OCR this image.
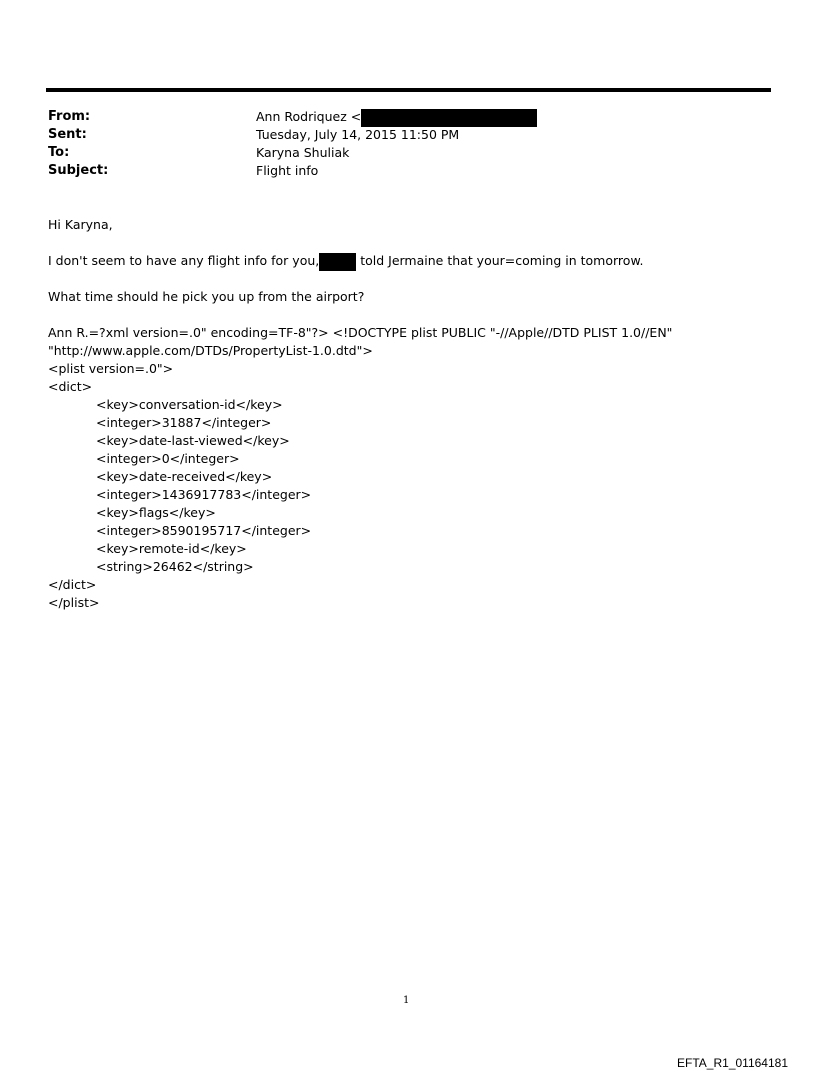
From:	Ann Rodriquez <
Sent:	Tuesday, July 14, 2015 11:50 PM
To:	Karyna Shuliak
Subject:	Flight info
Hi Karyna,
I don't seem to have any flight info for you,	told Jermaine that your=coming in tomorrow.
What time should he pick you up from the airport?
Ann R.=?xml version=.0" encoding=TF-8"?> <!DOCTYPE plist PUBLIC "-//Apple//DTD PLIST 1.0//EN"
"http://www.apple.com/DTDs/PropertyList-1.0.dtd">
<plist version=.0">
<dict>
<key>conversation-id</key>
<integer>31887</integer>
<key>date-last-viewed</key>
<integer>0</integer>
<key>date-received</key>
<integer>1436917783</integer>
<key>flags</key>
<integer>8590195717</integer>
<key>remote-id</key>
<string>26462</string>
</dict>
</plist>
1
EFTA_R1_01164181
